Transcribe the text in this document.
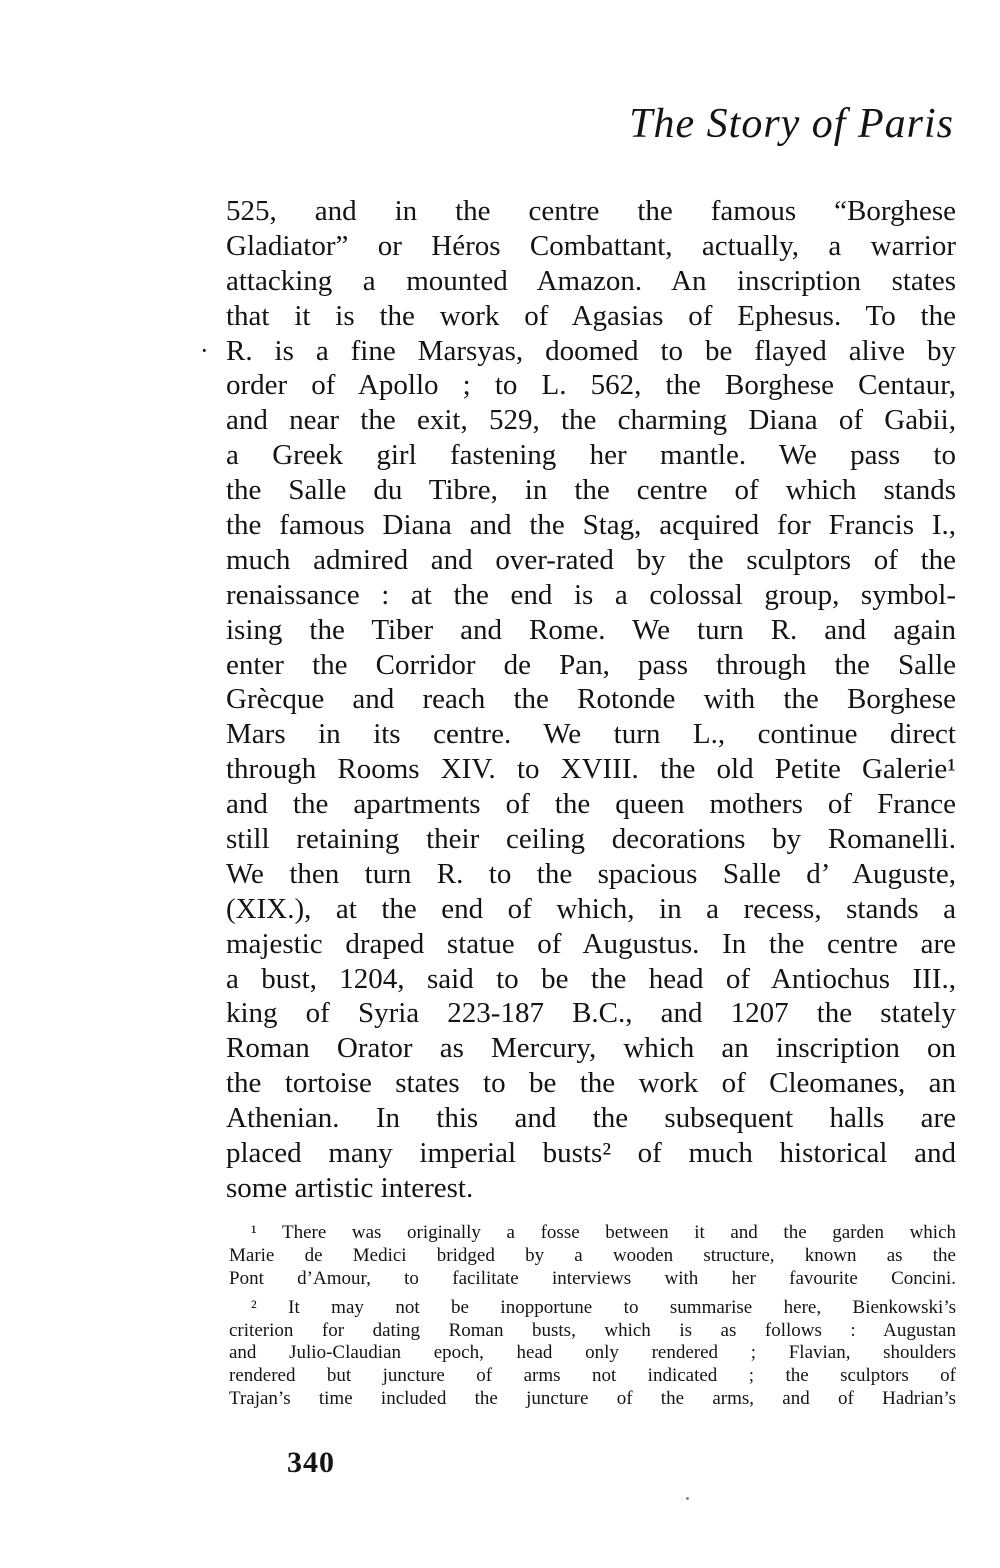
The Story of Paris
·
525, and in the centre the famous “Borghese
Gladiator” or Héros Combattant, actually, a warrior
attacking a mounted Amazon. An inscription states
that it is the work of Agasias of Ephesus. To the
R. is a fine Marsyas, doomed to be flayed alive by
order of Apollo ; to L. 562, the Borghese Centaur,
and near the exit, 529, the charming Diana of Gabii,
a Greek girl fastening her mantle. We pass to
the Salle du Tibre, in the centre of which stands
the famous Diana and the Stag, acquired for Francis I.,
much admired and over-rated by the sculptors of the
renaissance : at the end is a colossal group, symbol-
ising the Tiber and Rome. We turn R. and again
enter the Corridor de Pan, pass through the Salle
Grècque and reach the Rotonde with the Borghese
Mars in its centre. We turn L., continue direct
through Rooms XIV. to XVIII. the old Petite Galerie¹
and the apartments of the queen mothers of France
still retaining their ceiling decorations by Romanelli.
We then turn R. to the spacious Salle d’ Auguste,
(XIX.), at the end of which, in a recess, stands a
majestic draped statue of Augustus. In the centre are
a bust, 1204, said to be the head of Antiochus III.,
king of Syria 223-187 B.C., and 1207 the stately
Roman Orator as Mercury, which an inscription on
the tortoise states to be the work of Cleomanes, an
Athenian. In this and the subsequent halls are
placed many imperial busts² of much historical and
some artistic interest.
¹ There was originally a fosse between it and the garden which
Marie de Medici bridged by a wooden structure, known as the
Pont d’Amour, to facilitate interviews with her favourite Concini.
² It may not be inopportune to summarise here, Bienkowski’s
criterion for dating Roman busts, which is as follows : Augustan
and Julio-Claudian epoch, head only rendered ; Flavian, shoulders
rendered but juncture of arms not indicated ; the sculptors of
Trajan’s time included the juncture of the arms, and of Hadrian’s
340
